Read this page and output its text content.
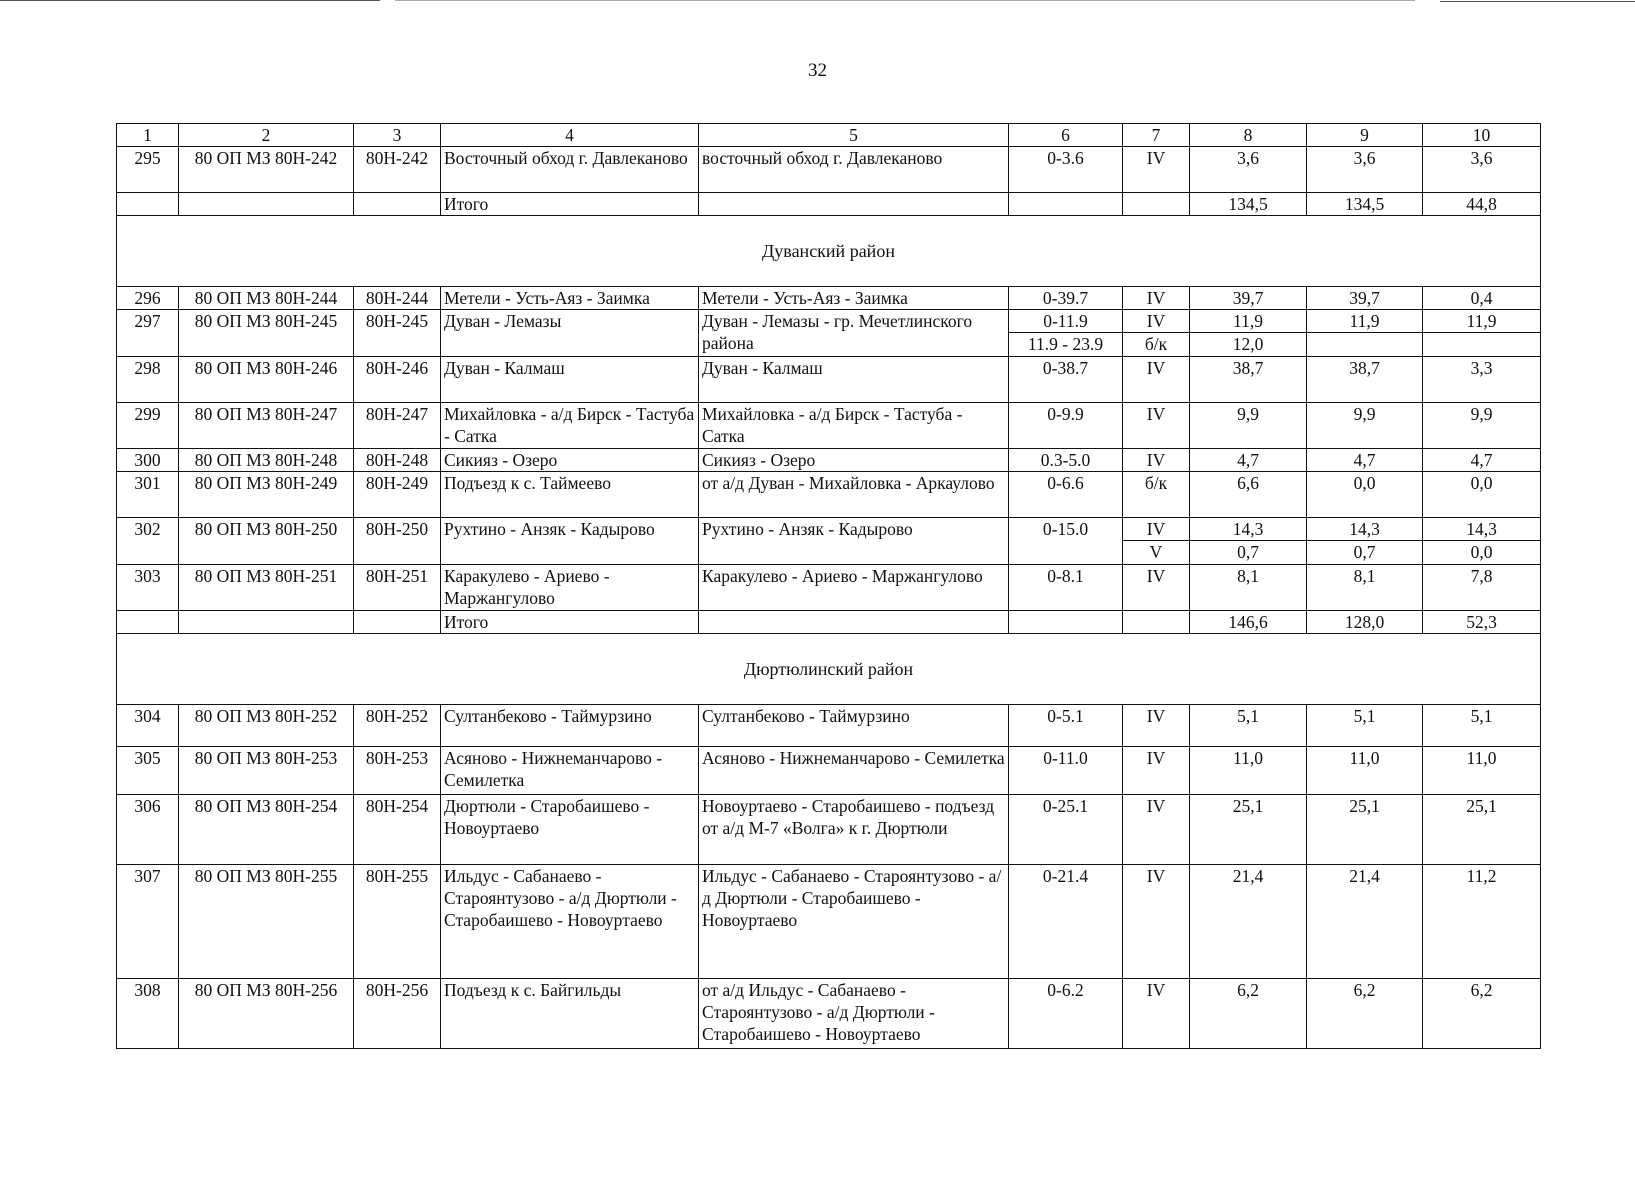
32
1	2	3	4	5	6	7	8	9	10
295	80 ОП МЗ 80Н-242	80Н-242	Восточный обход г. Давлеканово	восточный обход г. Давлеканово	0-3.6	IV	3,6	3,6	3,6
			Итого				134,5	134,5	44,8
Дуванский район									
296	80 ОП МЗ 80Н-244	80Н-244	Метели - Усть-Аяз - Заимка	Метели - Усть-Аяз - Заимка	0-39.7	IV	39,7	39,7	0,4
297	80 ОП МЗ 80Н-245	80Н-245	Дуван - Лемазы	Дуван - Лемазы - гр. Мечетлинского района	0-11.9	IV	11,9	11,9	11,9
					11.9 - 23.9	б/к	12,0		
298	80 ОП МЗ 80Н-246	80Н-246	Дуван - Калмаш	Дуван - Калмаш	0-38.7	IV	38,7	38,7	3,3
299	80 ОП МЗ 80Н-247	80Н-247	Михайловка - а/д Бирск - Тастуба - Сатка	Михайловка - а/д Бирск - Тастуба - Сатка	0-9.9	IV	9,9	9,9	9,9
300	80 ОП МЗ 80Н-248	80Н-248	Сикияз - Озеро	Сикияз - Озеро	0.3-5.0	IV	4,7	4,7	4,7
301	80 ОП МЗ 80Н-249	80Н-249	Подъезд к с. Таймеево	от а/д Дуван - Михайловка - Аркаулово	0-6.6	б/к	6,6	0,0	0,0
302	80 ОП МЗ 80Н-250	80Н-250	Рухтино - Анзяк - Кадырово	Рухтино - Анзяк - Кадырово	0-15.0	IV	14,3	14,3	14,3
						V	0,7	0,7	0,0
303	80 ОП МЗ 80Н-251	80Н-251	Каракулево - Ариево - Маржангулово	Каракулево - Ариево - Маржангулово	0-8.1	IV	8,1	8,1	7,8
			Итого				146,6	128,0	52,3
Дюртюлинский район									
304	80 ОП МЗ 80Н-252	80Н-252	Султанбеково - Таймурзино	Султанбеково - Таймурзино	0-5.1	IV	5,1	5,1	5,1
305	80 ОП МЗ 80Н-253	80Н-253	Асяново - Нижнеманчарово - Семилетка	Асяново - Нижнеманчарово - Семилетка	0-11.0	IV	11,0	11,0	11,0
306	80 ОП МЗ 80Н-254	80Н-254	Дюртюли - Старобаишево - Новоуртаево	Новоуртаево - Старобаишево - подъезд от а/д М-7 «Волга» к г. Дюртюли	0-25.1	IV	25,1	25,1	25,1
307	80 ОП МЗ 80Н-255	80Н-255	Ильдус - Сабанаево - Староянтузово - а/д Дюртюли - Старобаишево - Новоуртаево	Ильдус - Сабанаево - Староянтузово - а/д Дюртюли - Старобаишево - Новоуртаево	0-21.4	IV	21,4	21,4	11,2
308	80 ОП МЗ 80Н-256	80Н-256	Подъезд к с. Байгильды	от а/д Ильдус - Сабанаево - Староянтузово - а/д Дюртюли - Старобаишево - Новоуртаево	0-6.2	IV	6,2	6,2	6,2
